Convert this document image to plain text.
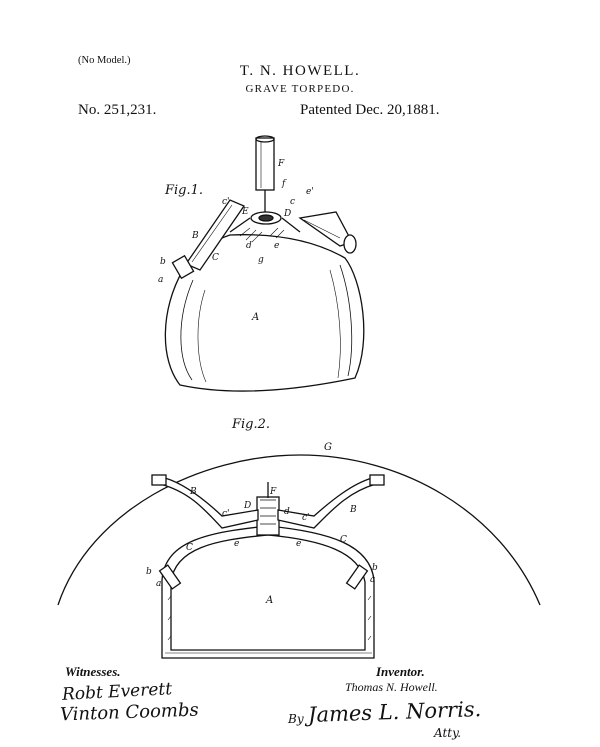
(No Model.)
T. N. HOWELL.
GRAVE TORPEDO.
No. 251,231.	Patented Dec. 20,1881.
Fig.1.
F
f
c
c'
e'
B
b
E	D
d e
g
C
a
A
Fig.2.
G
B
B
c'	c'
F
D
d
e	e
C
C
b	b
a	a
A
Witnesses.	Inventor.
Robt Everett
Vinton Coombs
Thomas N. Howell.
By James L. Norris.
Atty.
